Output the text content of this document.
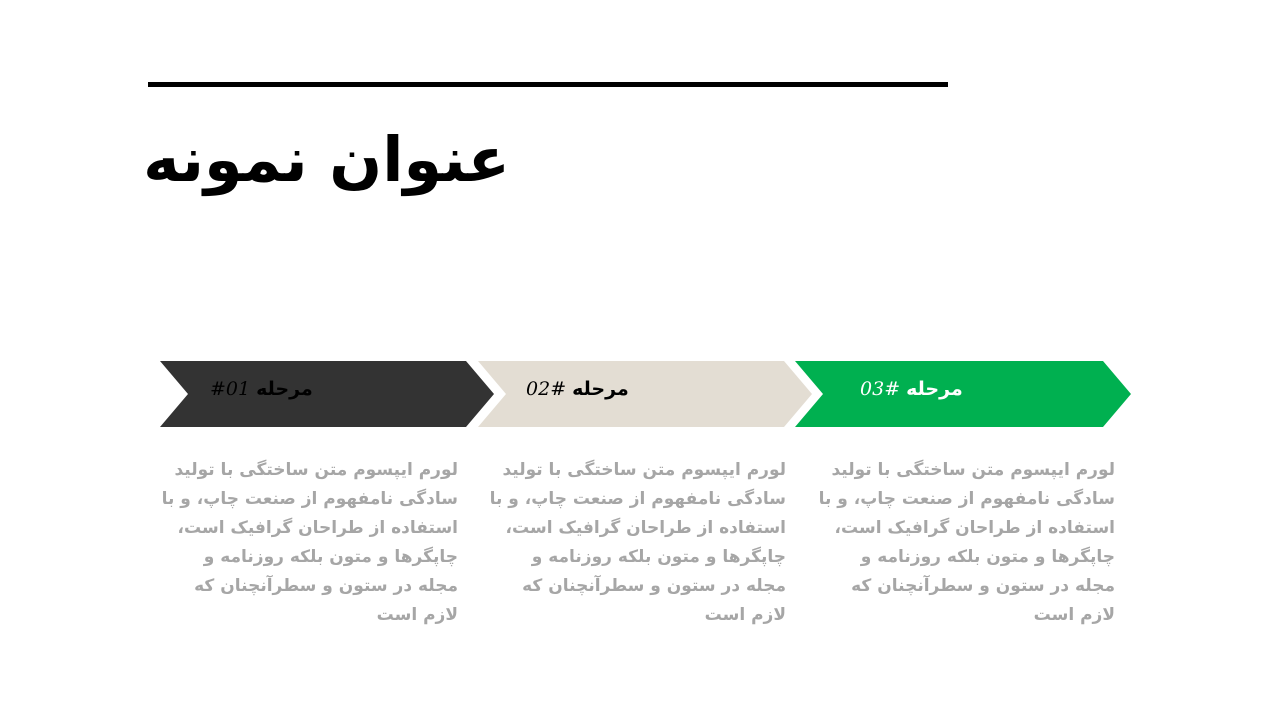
عنوان نمونه
#01 مرحله	مرحله #02	مرحله #03

لورم ایپسوم متن ساختگی با تولید سادگی نامفهوم از صنعت چاپ، و با استفاده از طراحان گرافیک است، چاپگرها و متون بلکه روزنامه و مجله در ستون و سطرآنچنان که لازم است

لورم ایپسوم متن ساختگی با تولید سادگی نامفهوم از صنعت چاپ، و با استفاده از طراحان گرافیک است، چاپگرها و متون بلکه روزنامه و مجله در ستون و سطرآنچنان که لازم است

لورم ایپسوم متن ساختگی با تولید سادگی نامفهوم از صنعت چاپ، و با استفاده از طراحان گرافیک است، چاپگرها و متون بلکه روزنامه و مجله در ستون و سطرآنچنان که لازم است
